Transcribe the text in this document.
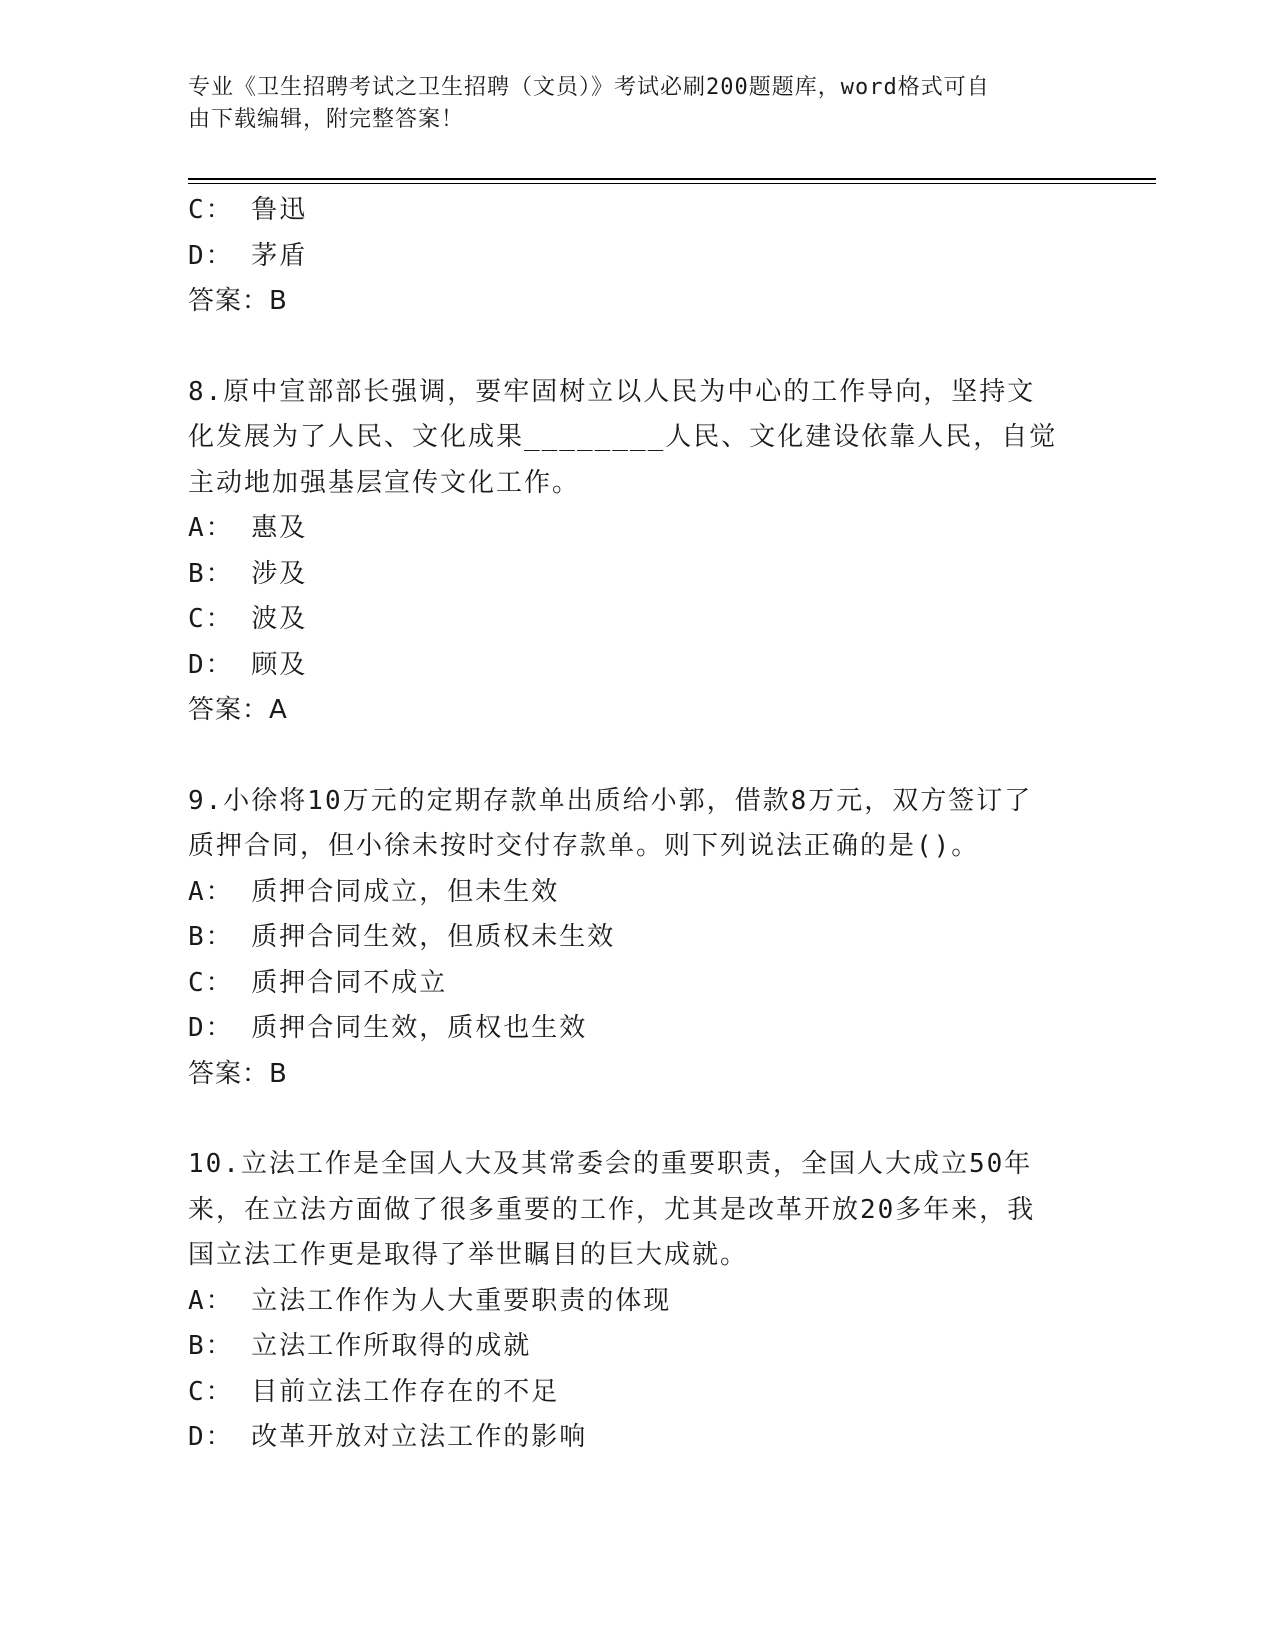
专业《卫生招聘考试之卫生招聘（文员）》考试必刷200题题库，word格式可自
由下载编辑，附完整答案！
C： 鲁迅
D： 茅盾
答案：B
8.原中宣部部长强调，要牢固树立以人民为中心的工作导向，坚持文
化发展为了人民、文化成果________人民、文化建设依靠人民，自觉
主动地加强基层宣传文化工作。
A： 惠及
B： 涉及
C： 波及
D： 顾及
答案：A
9.小徐将10万元的定期存款单出质给小郭，借款8万元，双方签订了
质押合同，但小徐未按时交付存款单。则下列说法正确的是()。
A： 质押合同成立，但未生效
B： 质押合同生效，但质权未生效
C： 质押合同不成立
D： 质押合同生效，质权也生效
答案：B
10.立法工作是全国人大及其常委会的重要职责，全国人大成立50年
来，在立法方面做了很多重要的工作，尤其是改革开放20多年来，我
国立法工作更是取得了举世瞩目的巨大成就。
A： 立法工作作为人大重要职责的体现
B： 立法工作所取得的成就
C： 目前立法工作存在的不足
D： 改革开放对立法工作的影响
